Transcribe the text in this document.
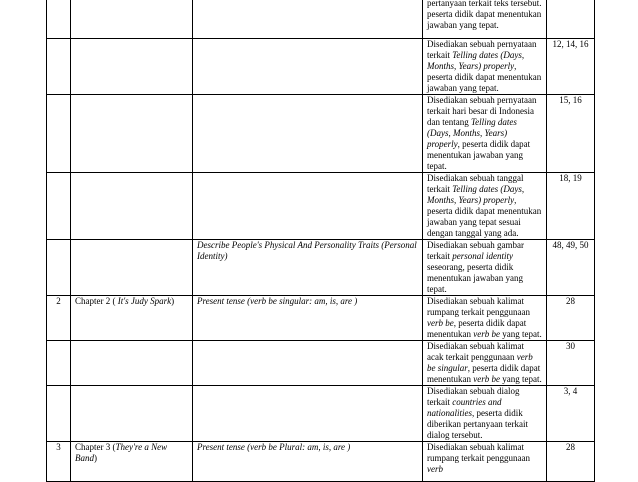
			pertanyaan terkait teks tersebut. peserta didik dapat menentukan jawaban yang tepat.	

			Disediakan sebuah pernyataan terkait Telling dates (Days, Months, Years) properly, peserta didik dapat menentukan jawaban yang tepat.	12, 14, 16

			Disediakan sebuah pernyataan terkait hari besar di Indonesia dan tentang Telling dates (Days, Months, Years) properly, peserta didik dapat menentukan jawaban yang tepat.	15, 16

			Disediakan sebuah tanggal terkait Telling dates (Days, Months, Years) properly, peserta didik dapat menentukan jawaban yang tepat sesuai dengan tanggal yang ada.	18, 19

		Describe People's Physical And Personality Traits (Personal Identity)	Disediakan sebuah gambar terkait personal identity seseorang, peserta didik menentukan jawaban yang tepat.	48, 49, 50

2	Chapter 2 ( It's Judy Spark)	Present tense (verb be singular: am, is, are )	Disediakan sebuah kalimat rumpang terkait penggunaan verb be, peserta didik dapat menentukan verb be yang tepat.	28

			Disediakan sebuah kalimat acak terkait penggunaan verb be singular, peserta didik dapat menentukan verb be yang tepat.	30

			Disediakan sebuah dialog terkait countries and nationalities, peserta didik diberikan pertanyaan terkait dialog tersebut.	3, 4

3	Chapter 3 (They're a New Band)	Present tense (verb be Plural: am, is, are )	Disediakan sebuah kalimat rumpang terkait penggunaan verb	28
